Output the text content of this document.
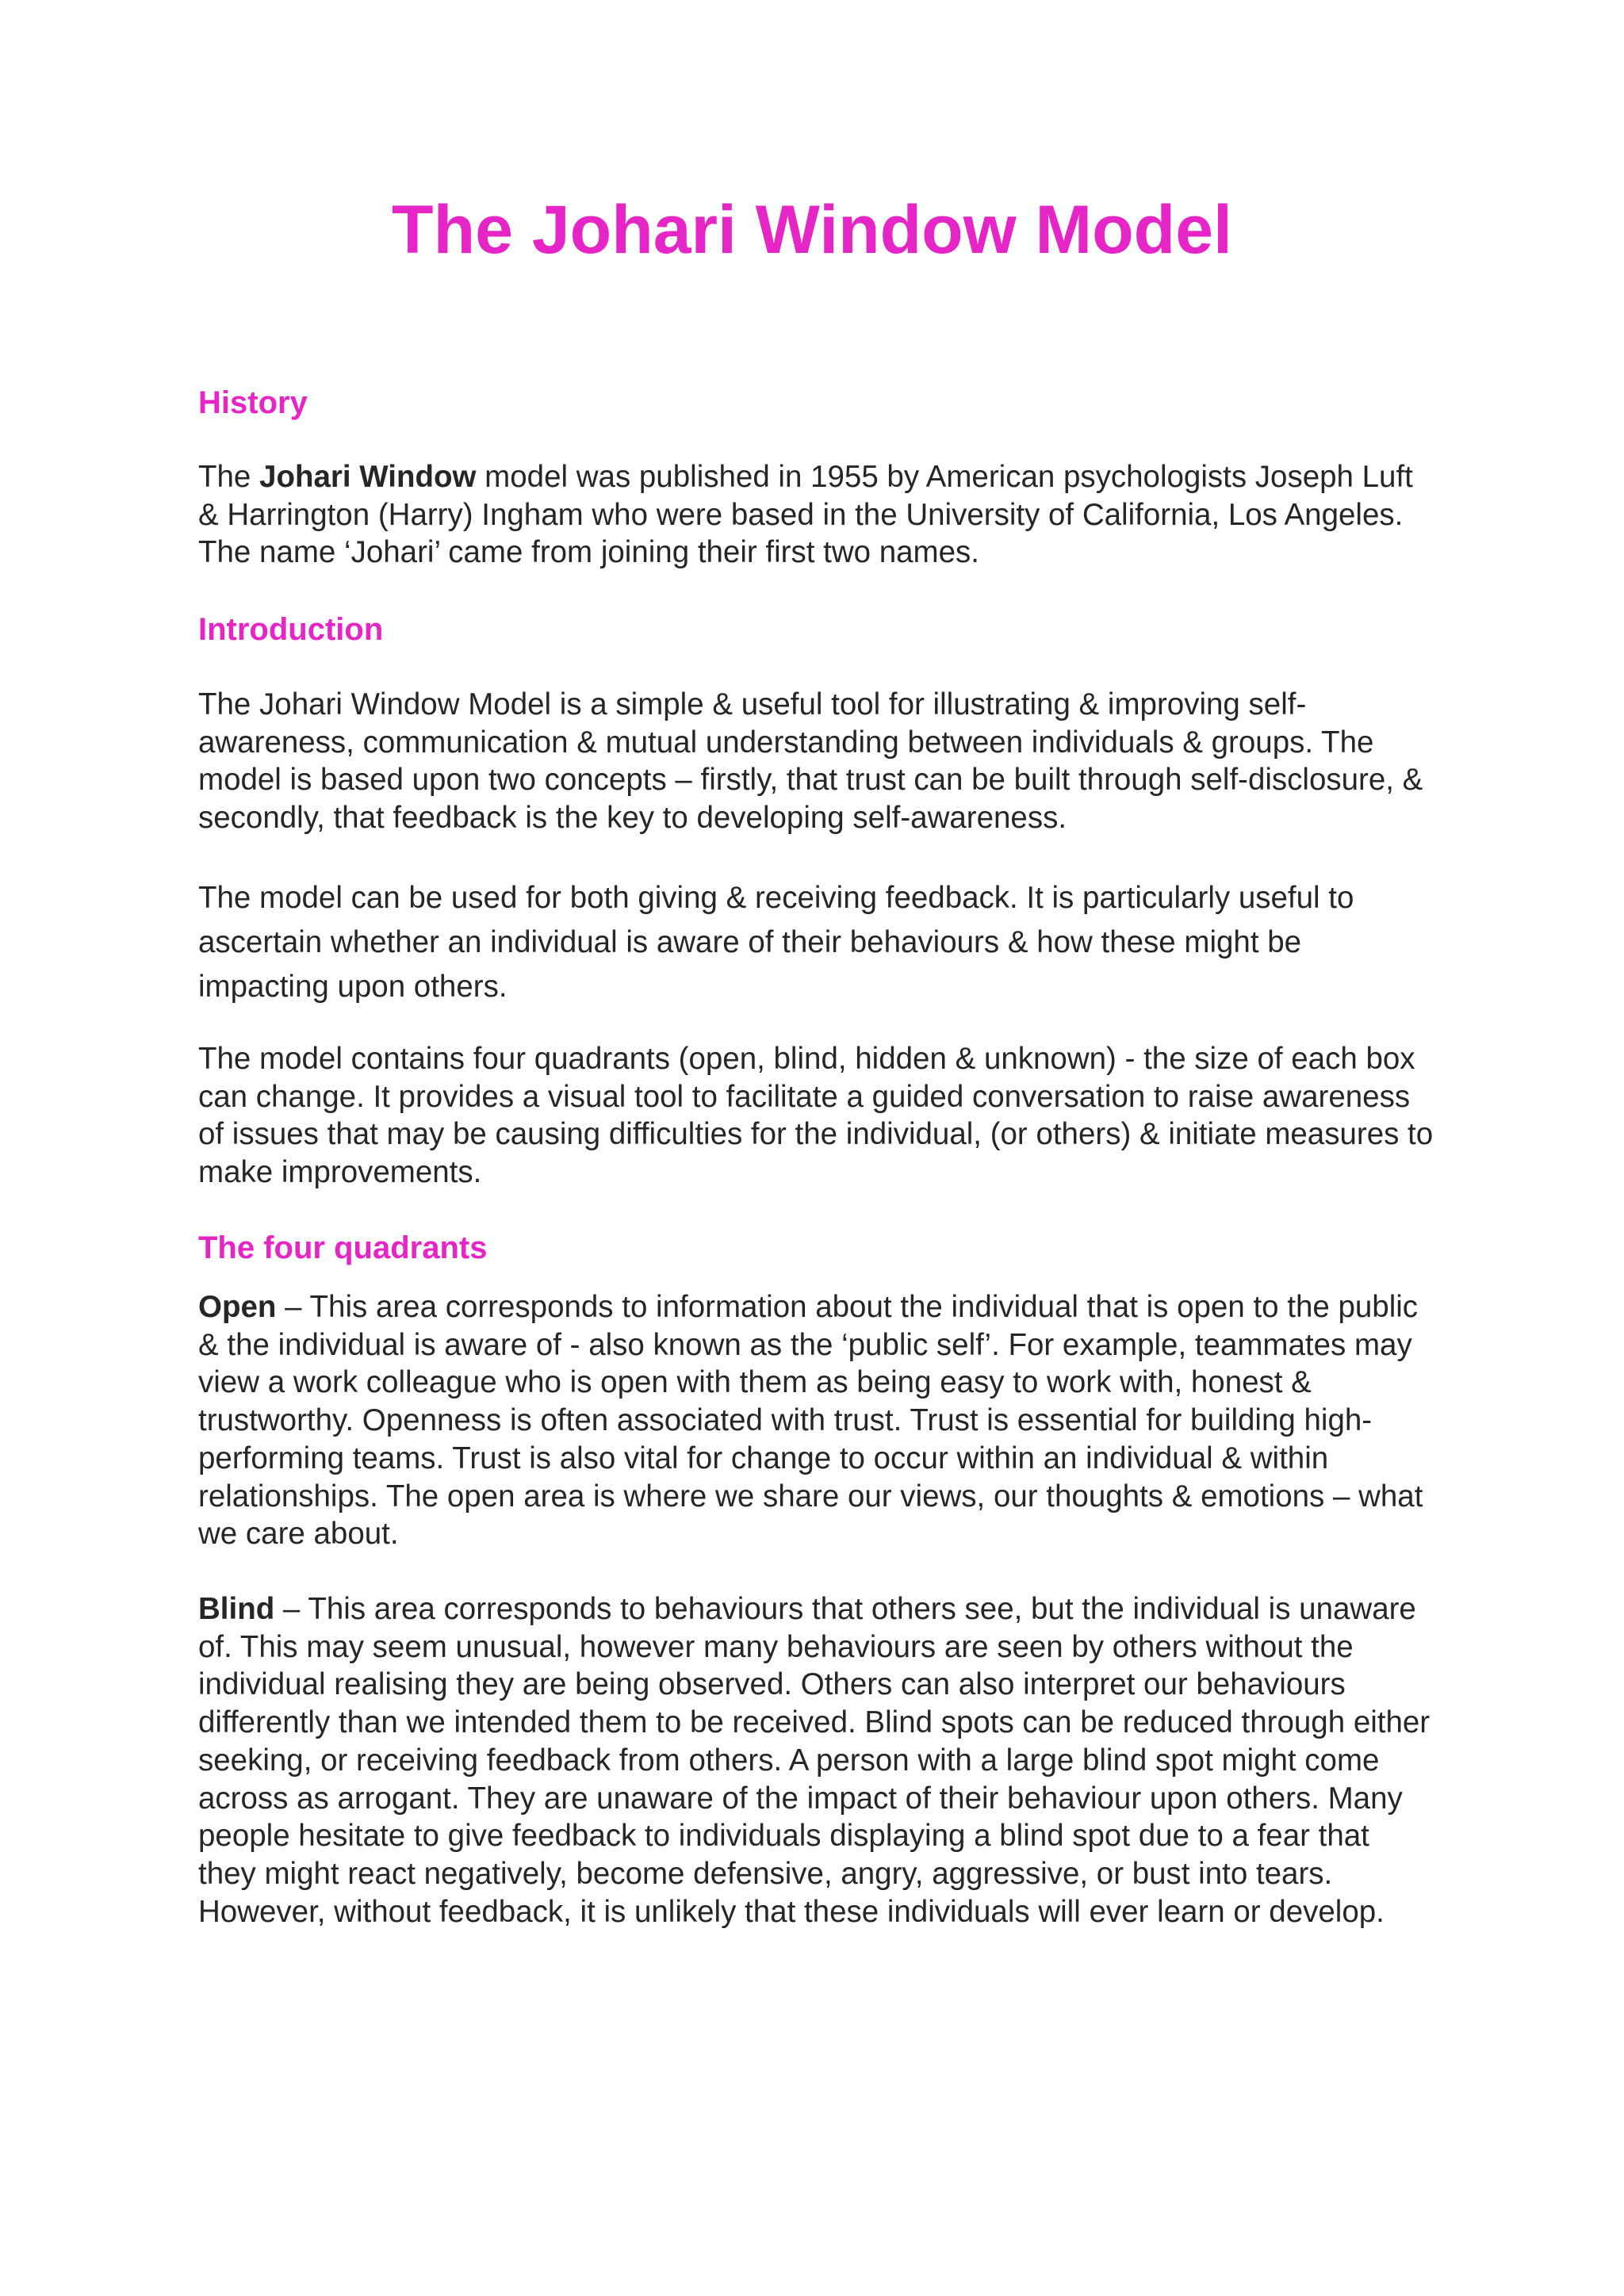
The Johari Window Model
History

The Johari Window model was published in 1955 by American psychologists Joseph Luft & Harrington (Harry) Ingham who were based in the University of California, Los Angeles. The name ‘Johari’ came from joining their first two names.

Introduction

The Johari Window Model is a simple & useful tool for illustrating & improving self-awareness, communication & mutual understanding between individuals & groups. The model is based upon two concepts – firstly, that trust can be built through self-disclosure, & secondly, that feedback is the key to developing self-awareness.

The model can be used for both giving & receiving feedback. It is particularly useful to ascertain whether an individual is aware of their behaviours & how these might be impacting upon others.

The model contains four quadrants (open, blind, hidden & unknown) - the size of each box can change. It provides a visual tool to facilitate a guided conversation to raise awareness of issues that may be causing difficulties for the individual, (or others) & initiate measures to make improvements.

The four quadrants

Open – This area corresponds to information about the individual that is open to the public & the individual is aware of - also known as the ‘public self’. For example, teammates may view a work colleague who is open with them as being easy to work with, honest & trustworthy. Openness is often associated with trust. Trust is essential for building high-performing teams. Trust is also vital for change to occur within an individual & within relationships. The open area is where we share our views, our thoughts & emotions – what we care about.

Blind – This area corresponds to behaviours that others see, but the individual is unaware of. This may seem unusual, however many behaviours are seen by others without the individual realising they are being observed. Others can also interpret our behaviours differently than we intended them to be received. Blind spots can be reduced through either seeking, or receiving feedback from others. A person with a large blind spot might come across as arrogant. They are unaware of the impact of their behaviour upon others. Many people hesitate to give feedback to individuals displaying a blind spot due to a fear that they might react negatively, become defensive, angry, aggressive, or bust into tears. However, without feedback, it is unlikely that these individuals will ever learn or develop.
